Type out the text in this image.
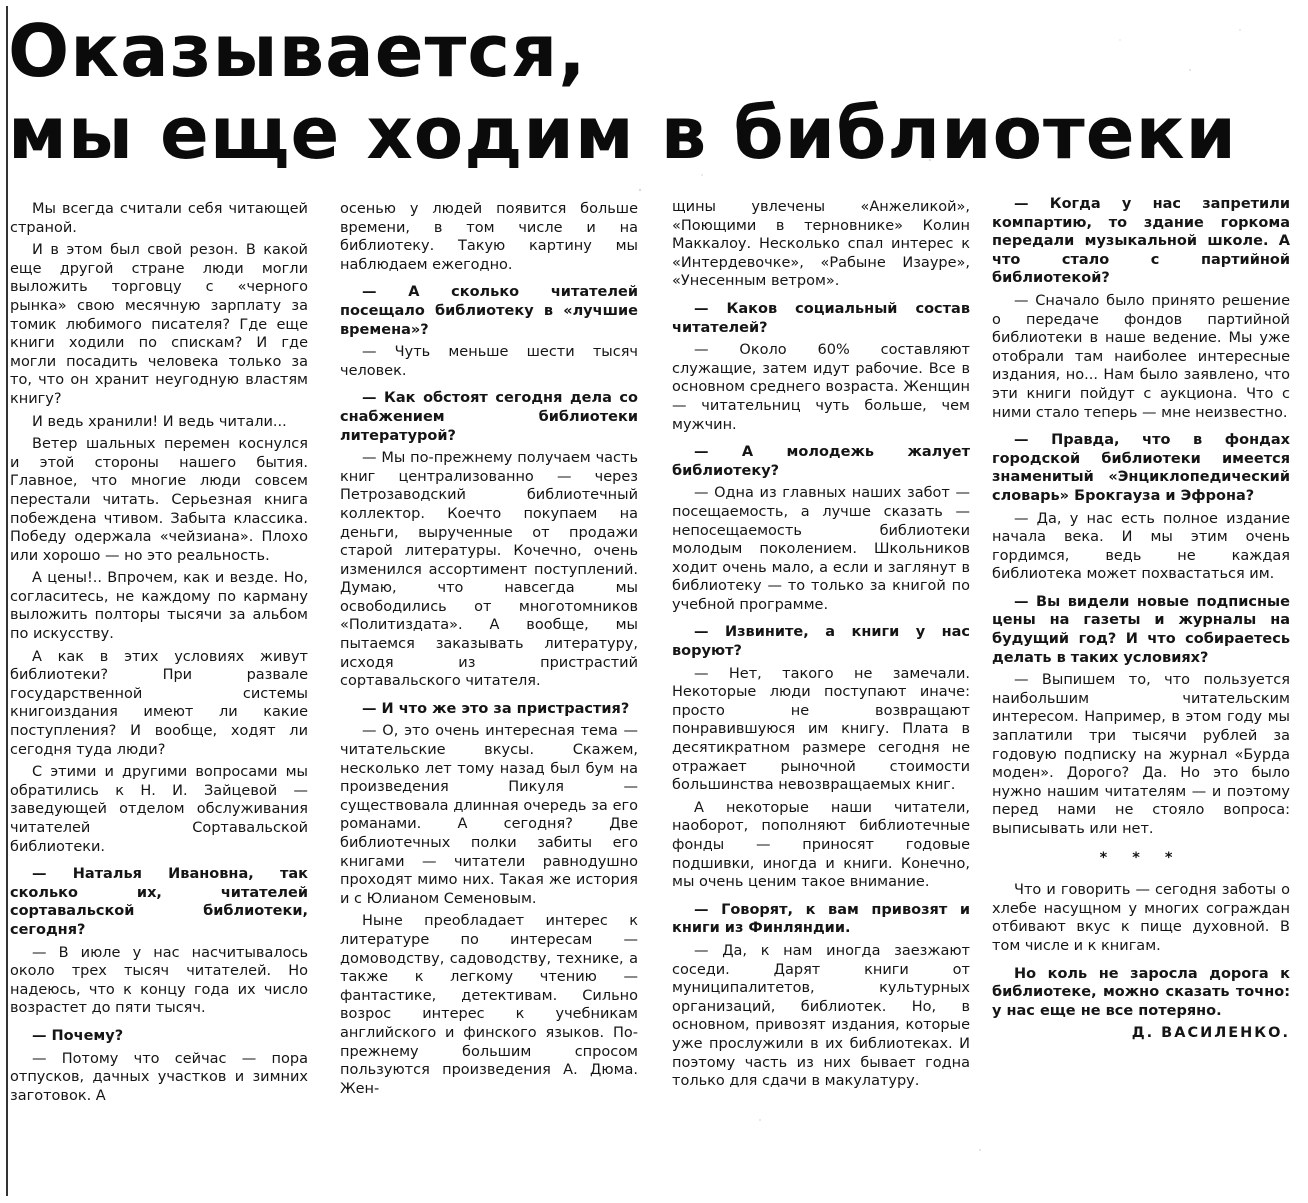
Оказывается,
мы еще ходим в библиотеки

Мы всегда считали себя читающей страной.

И в этом был свой резон. В какой еще другой стране люди могли выложить торговцу с «черного рынка» свою месячную зарплату за томик любимого писателя? Где еще книги ходили по спискам? И где могли посадить человека только за то, что он хранит неугодную властям книгу?

И ведь хранили! И ведь читали...

Ветер шальных перемен коснулся и этой стороны нашего бытия. Главное, что многие люди совсем перестали читать. Серьезная книга побеждена чтивом. Забыта классика. Победу одержала «чейзиана». Плохо или хорошо — но это реальность.

А цены!.. Впрочем, как и везде. Но, согласитесь, не каждому по карману выложить полторы тысячи за альбом по искусству.

А как в этих условиях живут библиотеки? При развале государственной системы книгоиздания имеют ли какие поступления? И вообще, ходят ли сегодня туда люди?

С этими и другими вопросами мы обратились к Н. И. Зайцевой — заведующей отделом обслуживания читателей Сортавальской библиотеки.

— Наталья Ивановна, так сколько их, читателей сортавальской библиотеки, сегодня?

— В июле у нас насчитывалось около трех тысяч читателей. Но надеюсь, что к концу года их число возрастет до пяти тысяч.

— Почему?

— Потому что сейчас — пора отпусков, дачных участков и зимних заготовок. А

осенью у людей появится больше времени, в том числе и на библиотеку. Такую картину мы наблюдаем ежегодно.

— А сколько читателей посещало библиотеку в «лучшие времена»?

— Чуть меньше шести тысяч человек.

— Как обстоят сегодня дела со снабжением библиотеки литературой?

— Мы по-прежнему получаем часть книг централизованно — через Петрозаводский библиотечный коллектор. Коечто покупаем на деньги, вырученные от продажи старой литературы. Кочечно, очень изменился ассортимент поступлений. Думаю, что навсегда мы освободились от многотомников «Политиздата». А вообще, мы пытаемся заказывать литературу, исходя из пристрастий сортавальского читателя.

— И что же это за пристрастия?

— О, это очень интересная тема — читательские вкусы. Скажем, несколько лет тому назад был бум на произведения Пикуля — существовала длинная очередь за его романами. А сегодня? Две библиотечных полки забиты его книгами — читатели равнодушно проходят мимо них. Такая же история и с Юлианом Семеновым.

Ныне преобладает интерес к литературе по интересам — домоводству, садоводству, технике, а также к легкому чтению — фантастике, детективам. Сильно возрос интерес к учебникам английского и финского языков. По-прежнему большим спросом пользуются произведения А. Дюма. Жен-

щины увлечены «Анжеликой», «Поющими в терновнике» Колин Маккалоу. Несколько спал интерес к «Интердевочке», «Рабыне Изауре», «Унесенным ветром».

— Каков социальный состав читателей?

— Около 60% составляют служащие, затем идут рабочие. Все в основном среднего возраста. Женщин — читательниц чуть больше, чем мужчин.

— А молодежь жалует библиотеку?

— Одна из главных наших забот — посещаемость, а лучше сказать — непосещаемость библиотеки молодым поколением. Школьников ходит очень мало, а если и заглянут в библиотеку — то только за книгой по учебной программе.

— Извините, а книги у нас воруют?

— Нет, такого не замечали. Некоторые люди поступают иначе: просто не возвращают понравившуюся им книгу. Плата в десятикратном размере сегодня не отражает рыночной стоимости большинства невозвращаемых книг.

А некоторые наши читатели, наоборот, пополняют библиотечные фонды — приносят годовые подшивки, иногда и книги. Конечно, мы очень ценим такое внимание.

— Говорят, к вам привозят и книги из Финляндии.

— Да, к нам иногда заезжают соседи. Дарят книги от муниципалитетов, культурных организаций, библиотек. Но, в основном, привозят издания, которые уже прослужили в их библиотеках. И поэтому часть из них бывает годна только для сдачи в макулатуру.

— Когда у нас запретили компартию, то здание горкома передали музыкальной школе. А что стало с партийной библиотекой?

— Сначало было принято решение о передаче фондов партийной библиотеки в наше ведение. Мы уже отобрали там наиболее интересные издания, но... Нам было заявлено, что эти книги пойдут с аукциона. Что с ними стало теперь — мне неизвестно.

— Правда, что в фондах городской библиотеки имеется знаменитый «Энциклопедический словарь» Брокгауза и Эфрона?

— Да, у нас есть полное издание начала века. И мы этим очень гордимся, ведь не каждая библиотека может похвастаться им.

— Вы видели новые подписные цены на газеты и журналы на будущий год? И что собираетесь делать в таких условиях?

— Выпишем то, что пользуется наибольшим читательским интересом. Например, в этом году мы заплатили три тысячи рублей за годовую подписку на журнал «Бурда моден». Дорого? Да. Но это было нужно нашим читателям — и поэтому перед нами не стояло вопроса: выписывать или нет.

* * *

Что и говорить — сегодня заботы о хлебе насущном у многих сограждан отбивают вкус к пище духовной. В том числе и к книгам.

Но коль не заросла дорога к библиотеке, можно сказать точно: у нас еще не все потеряно.

Д. ВАСИЛЕНКО.
